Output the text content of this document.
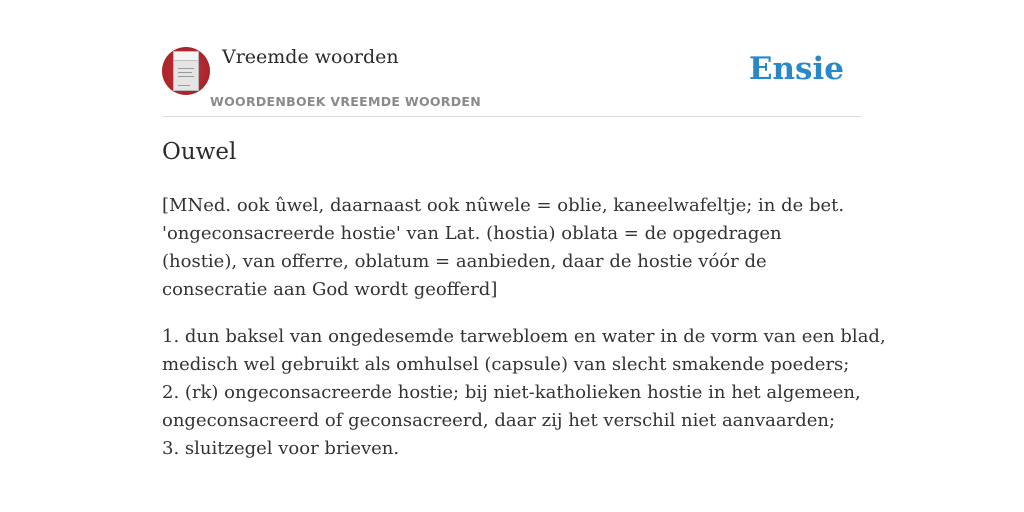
Vreemde woorden
WOORDENBOEK VREEMDE WOORDEN
Ensie
Ouwel

[MNed. ook ûwel, daarnaast ook nûwele = oblie, kaneelwafeltje; in de bet. 'ongeconsacreerde hostie' van Lat. (hostia) oblata = de opgedragen (hostie), van offerre, oblatum = aanbieden, daar de hostie vóór de consecratie aan God wordt geofferd]

1. dun baksel van ongedesemde tarwebloem en water in de vorm van een blad,
medisch wel gebruikt als omhulsel (capsule) van slecht smakende poeders;
2. (rk) ongeconsacreerde hostie; bij niet-katholieken hostie in het algemeen,
ongeconsacreerd of geconsacreerd, daar zij het verschil niet aanvaarden;
3. sluitzegel voor brieven.
